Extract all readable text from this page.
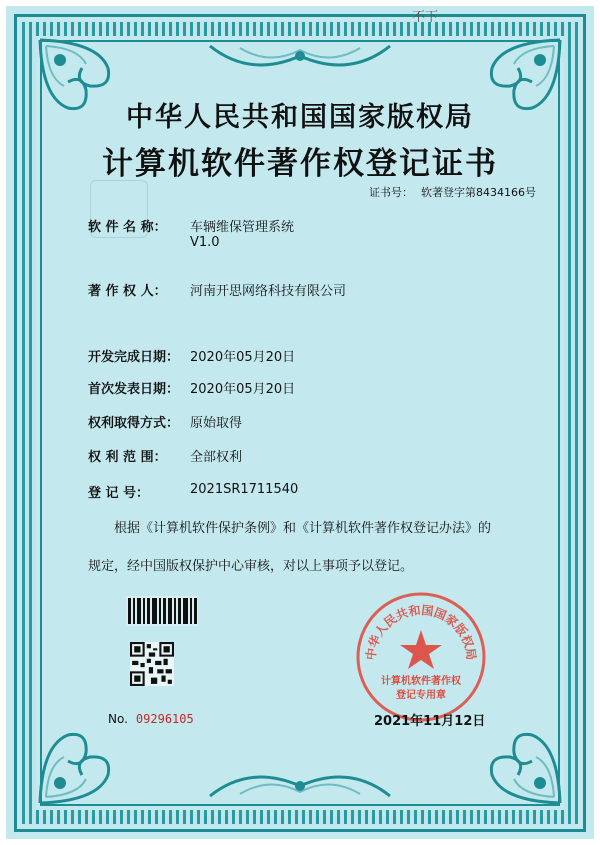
不下
中华人民共和国国家版权局
计算机软件著作权登记证书
证书号： 软著登字第8434166号
软 件 名 称： 车辆维保管理系统
V1.0
著 作 权 人： 河南开思网络科技有限公司
开发完成日期： 2020年05月20日
首次发表日期： 2020年05月20日
权利取得方式： 原始取得
权 利 范 围： 全部权利
登 记 号：	2021SR1711540
根据《计算机软件保护条例》和《计算机软件著作权登记办法》的
规定，经中国版权保护中心审核，对以上事项予以登记。
No. 09296105
中华人民共和国国家版权局
计算机软件著作权
登记专用章
2021年11月12日
